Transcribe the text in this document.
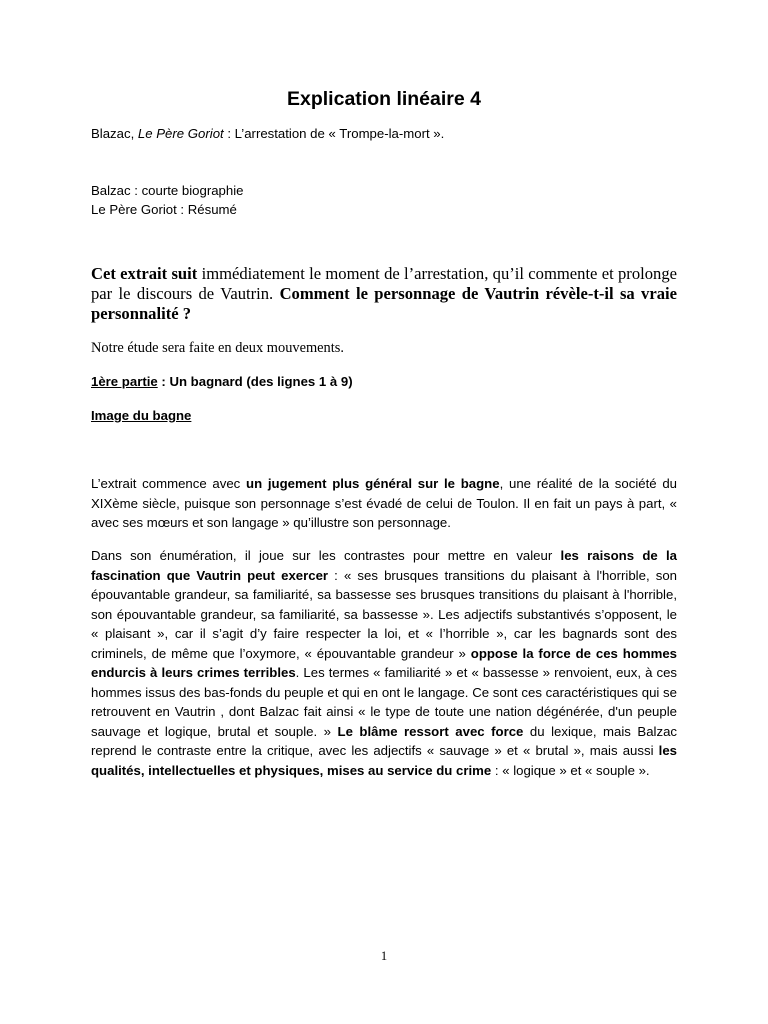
Explication linéaire 4
Blazac, Le Père Goriot : L’arrestation de « Trompe-la-mort ».
Balzac : courte biographie
Le Père Goriot : Résumé
Cet extrait suit immédiatement le moment de l’arrestation, qu’il commente et prolonge par le discours de Vautrin. Comment le personnage de Vautrin révèle-t-il sa vraie personnalité ?
Notre étude sera faite en deux mouvements.
1ère partie : Un bagnard (des lignes 1 à 9)
Image du bagne
L’extrait commence avec un jugement plus général sur le bagne, une réalité de la société du XIXème siècle, puisque son personnage s’est évadé de celui de Toulon. Il en fait un pays à part, « avec ses mœurs et son langage » qu’illustre son personnage.
Dans son énumération, il joue sur les contrastes pour mettre en valeur les raisons de la fascination que Vautrin peut exercer : « ses brusques transitions du plaisant à l'horrible, son épouvantable grandeur, sa familiarité, sa bassesse ses brusques transitions du plaisant à l'horrible, son épouvantable grandeur, sa familiarité, sa bassesse ». Les adjectifs substantivés s’opposent, le « plaisant », car il s’agit d’y faire respecter la loi, et « l’horrible », car les bagnards sont des criminels, de même que l’oxymore, « épouvantable grandeur » oppose la force de ces hommes endurcis à leurs crimes terribles. Les termes « familiarité » et « bassesse » renvoient, eux, à ces hommes issus des bas-fonds du peuple et qui en ont le langage. Ce sont ces caractéristiques qui se retrouvent en Vautrin , dont Balzac fait ainsi « le type de toute une nation dégénérée, d'un peuple sauvage et logique, brutal et souple. » Le blâme ressort avec force du lexique, mais Balzac reprend le contraste entre la critique, avec les adjectifs « sauvage » et « brutal », mais aussi les qualités, intellectuelles et physiques, mises au service du crime : « logique » et « souple ».
1
